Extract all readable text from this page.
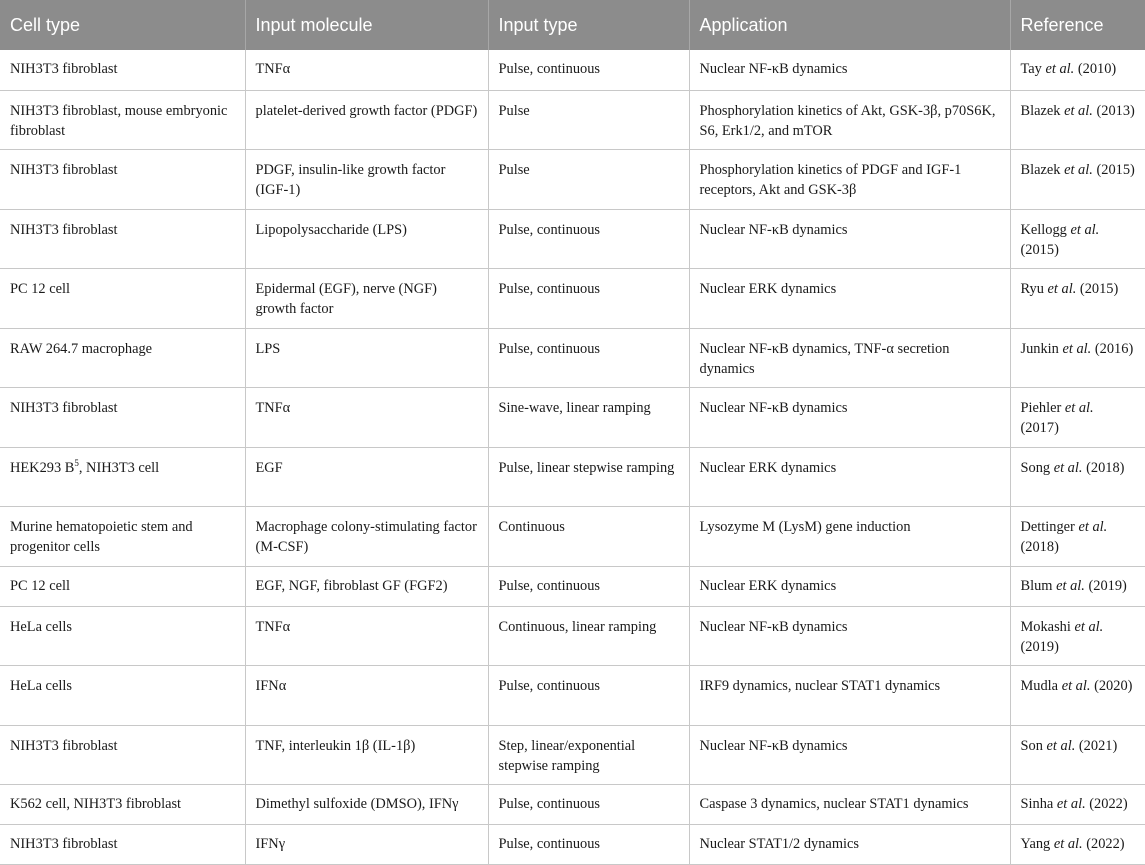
Cell type	Input molecule	Input type	Application	Reference
NIH3T3 fibroblast	TNFα	Pulse, continuous	Nuclear NF-κB dynamics	Tay et al. (2010)
NIH3T3 fibroblast, mouse embryonic fibroblast	platelet-derived growth factor (PDGF)	Pulse	Phosphorylation kinetics of Akt, GSK-3β, p70S6K, S6, Erk1/2, and mTOR	Blazek et al. (2013)
NIH3T3 fibroblast	PDGF, insulin-like growth factor (IGF-1)	Pulse	Phosphorylation kinetics of PDGF and IGF-1 receptors, Akt and GSK-3β	Blazek et al. (2015)
NIH3T3 fibroblast	Lipopolysaccharide (LPS)	Pulse, continuous	Nuclear NF-κB dynamics	Kellogg et al. (2015)
PC 12 cell	Epidermal (EGF), nerve (NGF) growth factor	Pulse, continuous	Nuclear ERK dynamics	Ryu et al. (2015)
RAW 264.7 macrophage	LPS	Pulse, continuous	Nuclear NF-κB dynamics, TNF-α secretion dynamics	Junkin et al. (2016)
NIH3T3 fibroblast	TNFα	Sine-wave, linear ramping	Nuclear NF-κB dynamics	Piehler et al. (2017)
HEK293 $B^5$, NIH3T3 cell	EGF	Pulse, linear stepwise ramping	Nuclear ERK dynamics	Song et al. (2018)
Murine hematopoietic stem and progenitor cells	Macrophage colony-stimulating factor (M-CSF)	Continuous	Lysozyme M (LysM) gene induction	Dettinger et al. (2018)
PC 12 cell	EGF, NGF, fibroblast GF (FGF2)	Pulse, continuous	Nuclear ERK dynamics	Blum et al. (2019)
HeLa cells	TNFα	Continuous, linear ramping	Nuclear NF-κB dynamics	Mokashi et al. (2019)
HeLa cells	IFNα	Pulse, continuous	IRF9 dynamics, nuclear STAT1 dynamics	Mudla et al. (2020)
NIH3T3 fibroblast	TNF, interleukin 1β (IL-1β)	Step, linear/exponential stepwise ramping	Nuclear NF-κB dynamics	Son et al. (2021)
K562 cell, NIH3T3 fibroblast	Dimethyl sulfoxide (DMSO), IFNγ	Pulse, continuous	Caspase 3 dynamics, nuclear STAT1 dynamics	Sinha et al. (2022)
NIH3T3 fibroblast	IFNγ	Pulse, continuous	Nuclear STAT1/2 dynamics	Yang et al. (2022)
